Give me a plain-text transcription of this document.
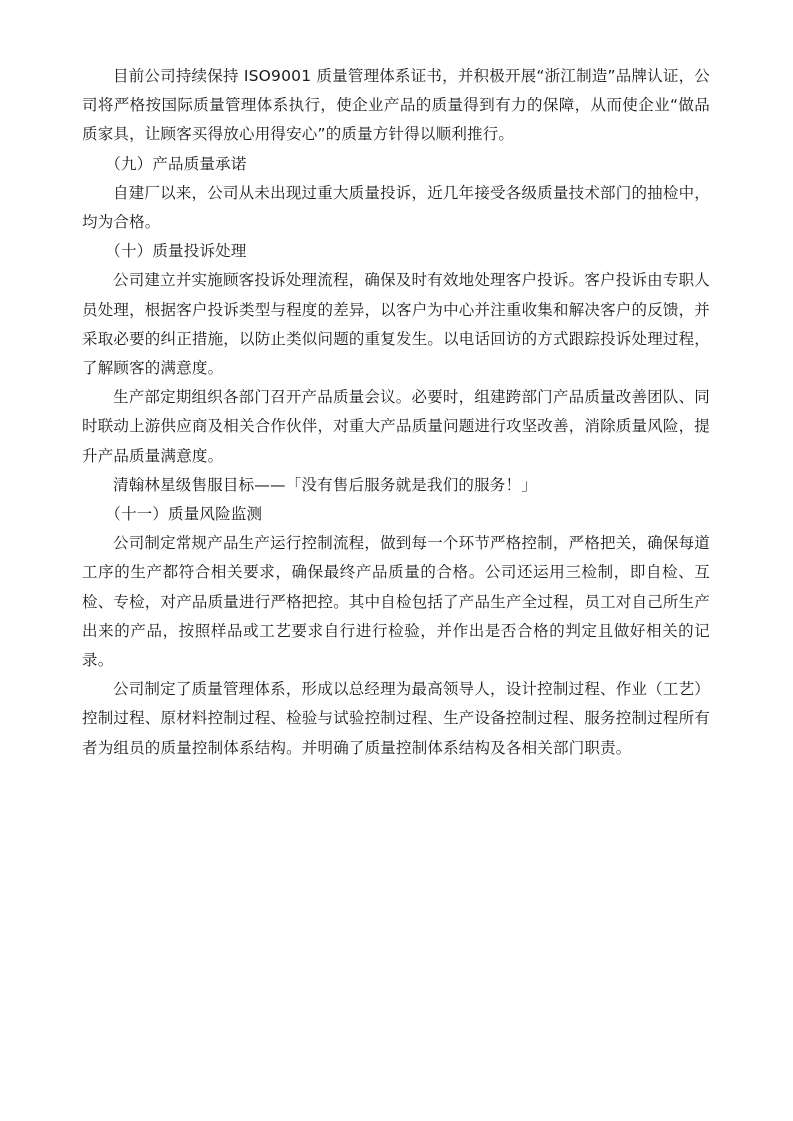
目前公司持续保持 ISO9001 质量管理体系证书，并积极开展“浙江制造”品牌认证，公司将严格按国际质量管理体系执行，使企业产品的质量得到有力的保障，从而使企业“做品质家具，让顾客买得放心用得安心”的质量方针得以顺利推行。

（九）产品质量承诺

自建厂以来，公司从未出现过重大质量投诉，近几年接受各级质量技术部门的抽检中，均为合格。

（十）质量投诉处理

公司建立并实施顾客投诉处理流程，确保及时有效地处理客户投诉。客户投诉由专职人员处理，根据客户投诉类型与程度的差异，以客户为中心并注重收集和解决客户的反馈，并采取必要的纠正措施，以防止类似问题的重复发生。以电话回访的方式跟踪投诉处理过程，了解顾客的满意度。

生产部定期组织各部门召开产品质量会议。必要时，组建跨部门产品质量改善团队、同时联动上游供应商及相关合作伙伴，对重大产品质量问题进行攻坚改善，消除质量风险，提升产品质量满意度。

清翰林星级售服目标——「没有售后服务就是我们的服务！」

（十一）质量风险监测

公司制定常规产品生产运行控制流程，做到每一个环节严格控制，严格把关，确保每道工序的生产都符合相关要求，确保最终产品质量的合格。公司还运用三检制，即自检、互检、专检，对产品质量进行严格把控。其中自检包括了产品生产全过程，员工对自己所生产出来的产品，按照样品或工艺要求自行进行检验，并作出是否合格的判定且做好相关的记录。

公司制定了质量管理体系，形成以总经理为最高领导人，设计控制过程、作业（工艺）控制过程、原材料控制过程、检验与试验控制过程、生产设备控制过程、服务控制过程所有者为组员的质量控制体系结构。并明确了质量控制体系结构及各相关部门职责。
